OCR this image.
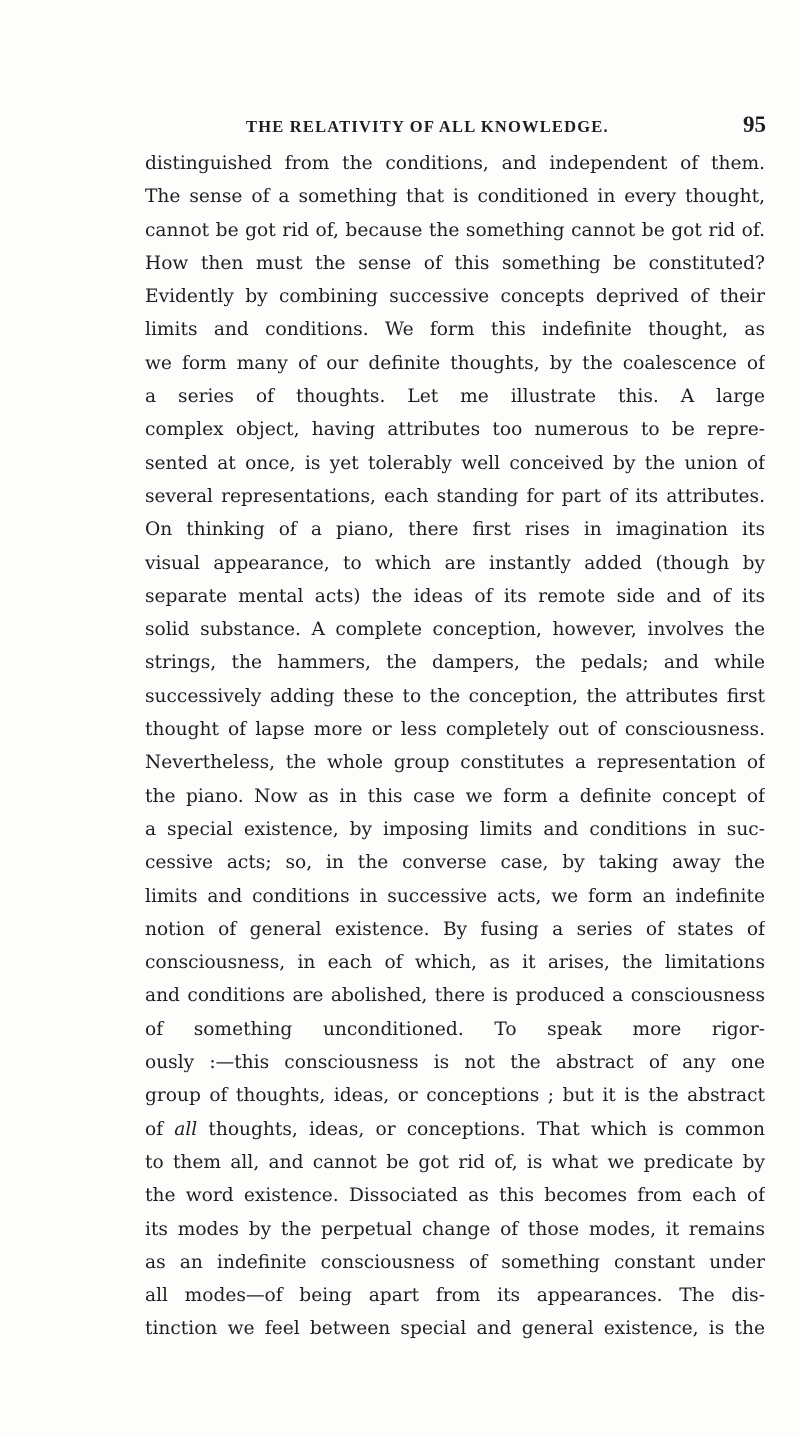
THE RELATIVITY OF ALL KNOWLEDGE.	95
distinguished from the conditions, and independent of them.
The sense of a something that is conditioned in every thought,
cannot be got rid of, because the something cannot be got rid of.
How then must the sense of this something be constituted?
Evidently by combining successive concepts deprived of their
limits and conditions. We form this indefinite thought, as
we form many of our definite thoughts, by the coalescence of
a series of thoughts. Let me illustrate this. A large
complex object, having attributes too numerous to be repre-
sented at once, is yet tolerably well conceived by the union of
several representations, each standing for part of its attributes.
On thinking of a piano, there first rises in imagination its
visual appearance, to which are instantly added (though by
separate mental acts) the ideas of its remote side and of its
solid substance. A complete conception, however, involves the
strings, the hammers, the dampers, the pedals; and while
successively adding these to the conception, the attributes first
thought of lapse more or less completely out of consciousness.
Nevertheless, the whole group constitutes a representation of
the piano. Now as in this case we form a definite concept of
a special existence, by imposing limits and conditions in suc-
cessive acts; so, in the converse case, by taking away the
limits and conditions in successive acts, we form an indefinite
notion of general existence. By fusing a series of states of
consciousness, in each of which, as it arises, the limitations
and conditions are abolished, there is produced a consciousness
of something unconditioned. To speak more rigor-
ously :—this consciousness is not the abstract of any one
group of thoughts, ideas, or conceptions ; but it is the abstract
of all thoughts, ideas, or conceptions. That which is common
to them all, and cannot be got rid of, is what we predicate by
the word existence. Dissociated as this becomes from each of
its modes by the perpetual change of those modes, it remains
as an indefinite consciousness of something constant under
all modes—of being apart from its appearances. The dis-
tinction we feel between special and general existence, is the
